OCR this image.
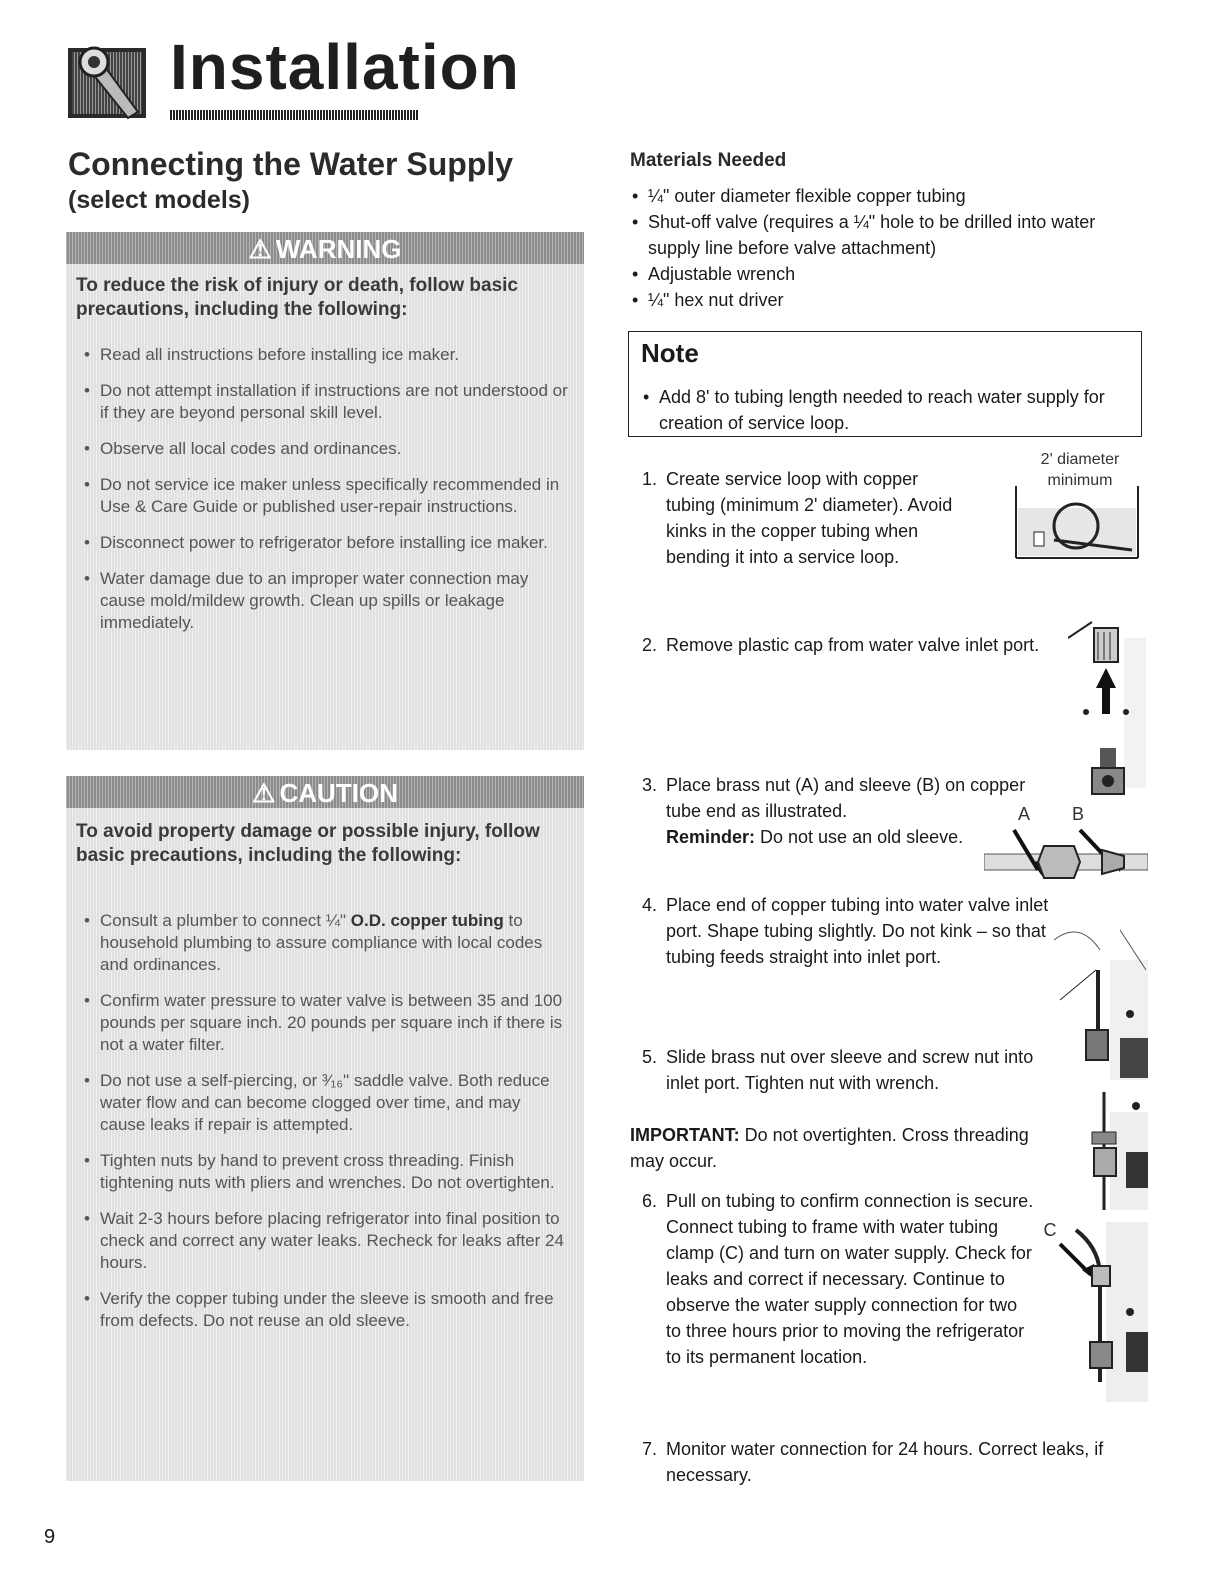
Installation
Connecting the Water Supply
(select models)
⚠ WARNING
To reduce the risk of injury or death, follow basic precautions, including the following:
• Read all instructions before installing ice maker.
• Do not attempt installation if instructions are not understood or if they are beyond personal skill level.
• Observe all local codes and ordinances.
• Do not service ice maker unless specifically recommended in Use & Care Guide or published user-repair instructions.
• Disconnect power to refrigerator before installing ice maker.
• Water damage due to an improper water connection may cause mold/mildew growth. Clean up spills or leakage immediately.
⚠ CAUTION
To avoid property damage or possible injury, follow basic precautions, including the following:
• Consult a plumber to connect ¼" O.D. copper tubing to household plumbing to assure compliance with local codes and ordinances.
• Confirm water pressure to water valve is between 35 and 100 pounds per square inch. 20 pounds per square inch if there is not a water filter.
• Do not use a self-piercing, or ³⁄₁₆" saddle valve. Both reduce water flow and can become clogged over time, and may cause leaks if repair is attempted.
• Tighten nuts by hand to prevent cross threading. Finish tightening nuts with pliers and wrenches. Do not overtighten.
• Wait 2-3 hours before placing refrigerator into final position to check and correct any water leaks. Recheck for leaks after 24 hours.
• Verify the copper tubing under the sleeve is smooth and free from defects. Do not reuse an old sleeve.
Materials Needed
• ¼" outer diameter flexible copper tubing
• Shut-off valve (requires a ¼" hole to be drilled into water supply line before valve attachment)
• Adjustable wrench
• ¼" hex nut driver
Note
• Add 8' to tubing length needed to reach water supply for creation of service loop.
2' diameter
minimum
1. Create service loop with copper tubing (minimum 2' diameter). Avoid kinks in the copper tubing when bending it into a service loop.
2. Remove plastic cap from water valve inlet port.
A B
3. Place brass nut (A) and sleeve (B) on copper tube end as illustrated.
Reminder: Do not use an old sleeve.
4. Place end of copper tubing into water valve inlet port. Shape tubing slightly. Do not kink – so that tubing feeds straight into inlet port.
5. Slide brass nut over sleeve and screw nut into inlet port. Tighten nut with wrench.
IMPORTANT: Do not overtighten. Cross threading may occur.
C
6. Pull on tubing to confirm connection is secure. Connect tubing to frame with water tubing clamp (C) and turn on water supply. Check for leaks and correct if necessary. Continue to observe the water supply connection for two to three hours prior to moving the refrigerator to its permanent location.
7. Monitor water connection for 24 hours. Correct leaks, if necessary.
9
